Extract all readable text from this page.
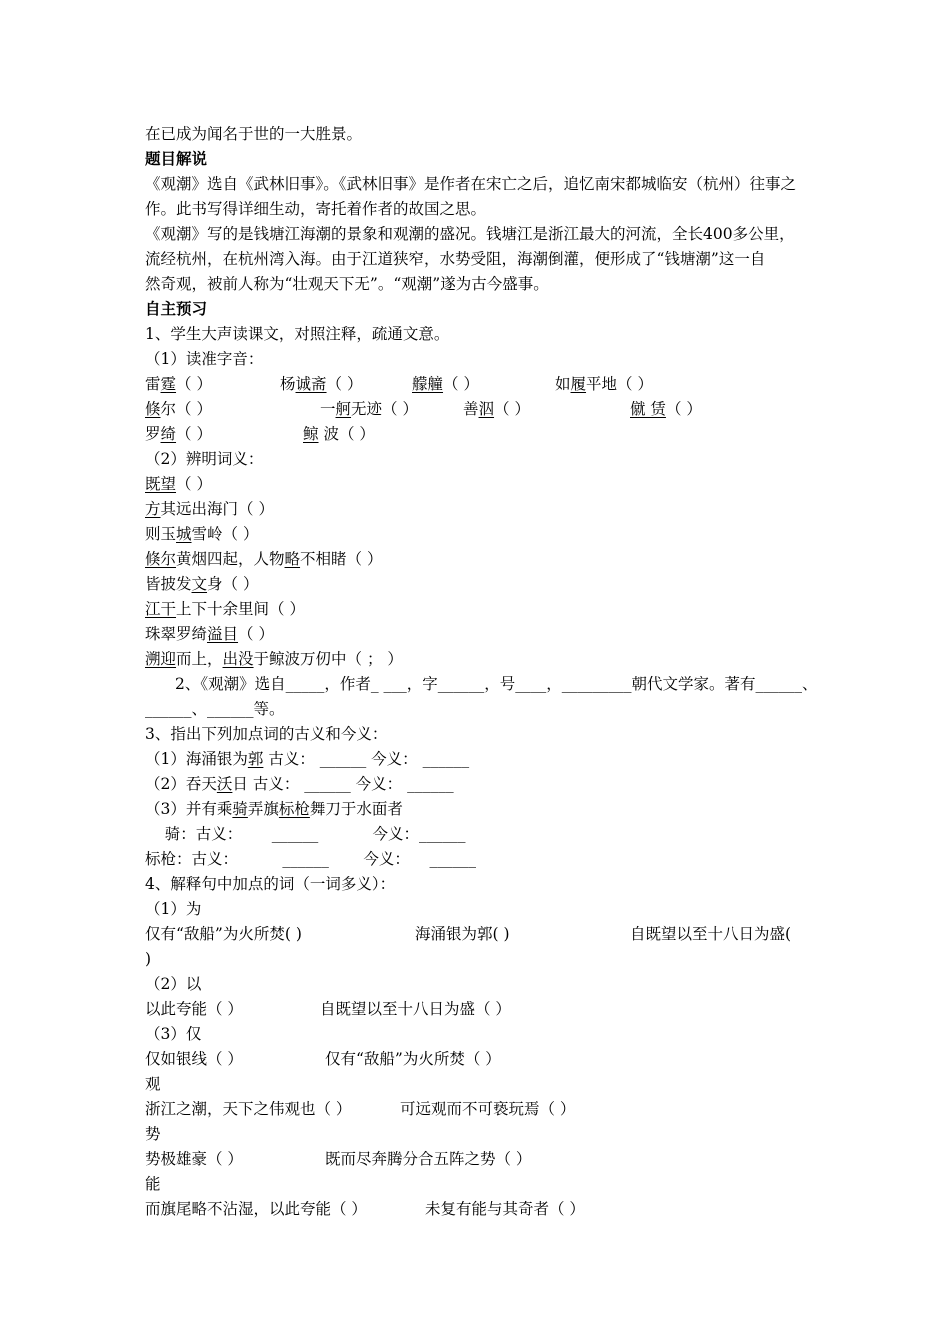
在已成为闻名于世的一大胜景。
题目解说
《观潮》选自《武林旧事》。《武林旧事》是作者在宋亡之后，追忆南宋都城临安（杭州）往事之
作。此书写得详细生动，寄托着作者的故国之思。
《观潮》写的是钱塘江海潮的景象和观潮的盛况。钱塘江是浙江最大的河流，全长400多公里，
流经杭州，在杭州湾入海。由于江道狭窄，水势受阻，海潮倒灌，便形成了“钱塘潮”这一自
然奇观，被前人称为“壮观天下无”。“观潮”遂为古今盛事。
自主预习
1、学生大声读课文，对照注释，疏通文意。
（1）读准字音：
雷霆（ ）	杨诚斋（ ）	艨艟（ ）	如履平地（ ）
倏尔（ ）	一舸无迹（ ）	善泅（ ）	僦 赁（ ）
罗绮（ ）	鲸 波（ ）
（2）辨明词义：
既望（ ）
方其远出海门（ ）
则玉城雪岭（ ）
倏尔黄烟四起，人物略不相睹（ ）
皆披发文身（ ）
江干上下十余里间（ ）
珠翠罗绮溢目（ ）
溯迎而上，出没于鲸波万仞中（ ； ）
2、《观潮》选自_____，作者_ ___，字______，号____，_________朝代文学家。著有______、
______、______等。
3、指出下列加点词的古义和今义：
（1）海涌银为郭 古义： ______ 今义： ______
（2）吞天沃日 古义： ______ 今义： ______
（3）并有乘骑弄旗标枪舞刀于水面者
骑：古义：      ______           今义：______
标枪：古义：         ______       今义：    ______
4、解释句中加点的词（一词多义）：
（1）为
仅有“敌船”为火所焚( )	海涌银为郭( )	自既望以至十八日为盛(
)
（2）以
以此夸能（ ）	自既望以至十八日为盛（ ）
（3）仅
仅如银线（ ）	仅有“敌船”为火所焚（ ）
观
浙江之潮，天下之伟观也（ ）	可远观而不可亵玩焉（ ）
势
势极雄豪（ ）	既而尽奔腾分合五阵之势（ ）
能
而旗尾略不沾湿，以此夸能（ ）	未复有能与其奇者（ ）
